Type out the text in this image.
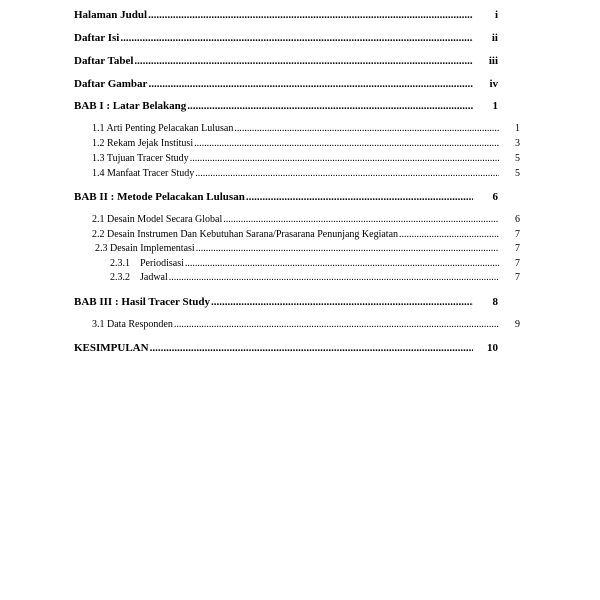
Halaman Judul .....	i
Daftar Isi .....	ii
Daftar Tabel .....	iii
Daftar Gambar .....	iv
BAB I : Latar Belakang .....	1
1.1 Arti Penting Pelacakan Lulusan .....	1
1.2 Rekam Jejak Institusi .....	3
1.3 Tujuan Tracer Study .....	5
1.4 Manfaat Tracer Study .....	5
BAB II : Metode Pelacakan Lulusan .....	6
2.1 Desain Model Secara Global .....	6
2.2 Desain Instrumen Dan Kebutuhan Sarana/Prasarana Penunjang Kegiatan .....	7
2.3 Desain Implementasi .....	7
2.3.1    Periodisasi .....	7
2.3.2    Jadwal .....	7
BAB III : Hasil Tracer Study .....	8
3.1 Data Responden .....	9
KESIMPULAN .....	10
